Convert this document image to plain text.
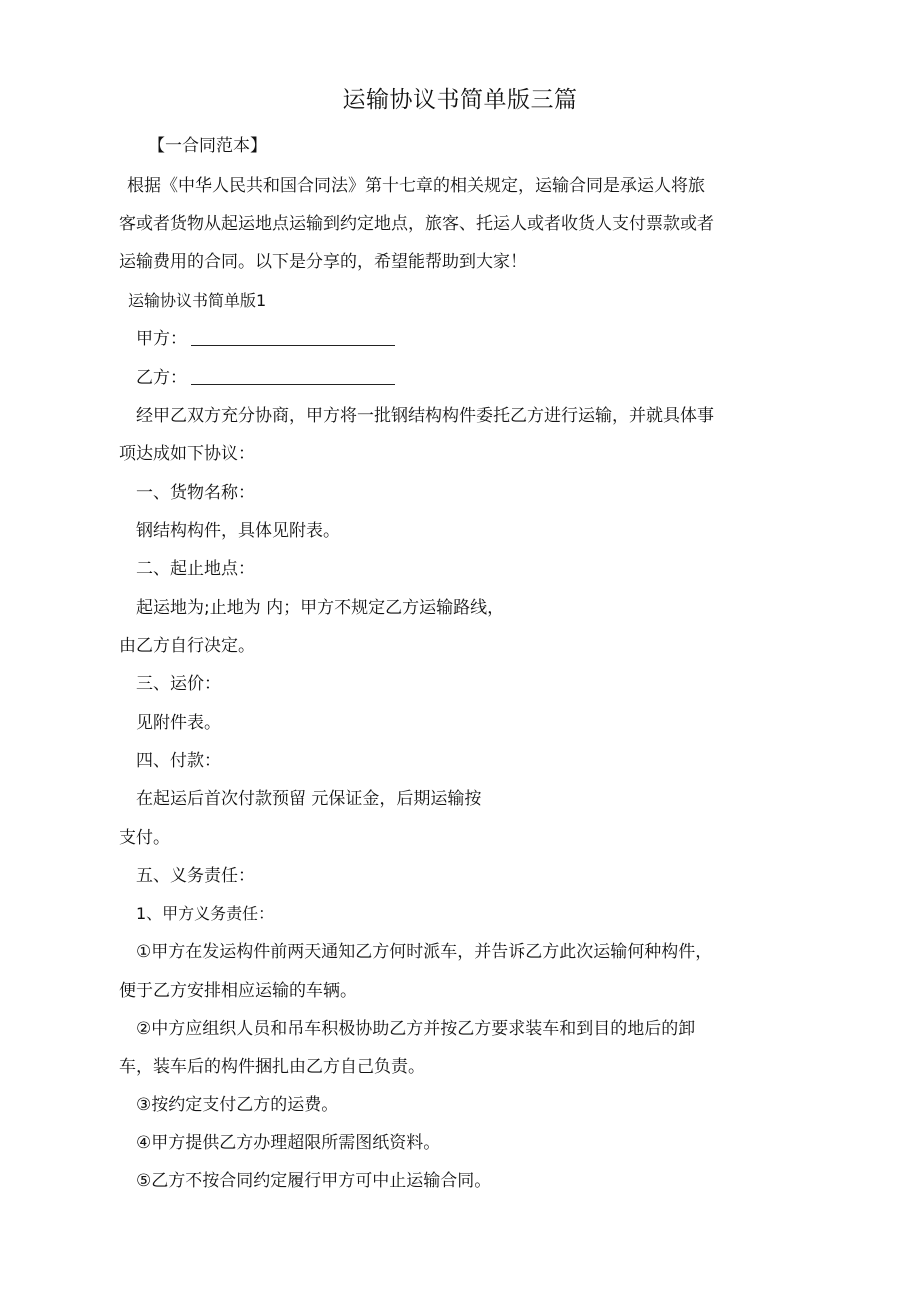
运输协议书简单版三篇
【一合同范本】
根据《中华人民共和国合同法》第十七章的相关规定，运输合同是承运人将旅
客或者货物从起运地点运输到约定地点，旅客、托运人或者收货人支付票款或者
运输费用的合同。以下是分享的，希望能帮助到大家！
运输协议书简单版1
甲方：
乙方：
经甲乙双方充分协商，甲方将一批钢结构构件委托乙方进行运输，并就具体事
项达成如下协议：
一、货物名称：
钢结构构件，具体见附表。
二、起止地点：
起运地为;止地为 内；甲方不规定乙方运输路线，
由乙方自行决定。
三、运价：
见附件表。
四、付款：
在起运后首次付款预留 元保证金，后期运输按
支付。
五、义务责任：
1、甲方义务责任：
①甲方在发运构件前两天通知乙方何时派车，并告诉乙方此次运输何种构件，
便于乙方安排相应运输的车辆。
②中方应组织人员和吊车积极协助乙方并按乙方要求装车和到目的地后的卸
车，装车后的构件捆扎由乙方自己负责。
③按约定支付乙方的运费。
④甲方提供乙方办理超限所需图纸资料。
⑤乙方不按合同约定履行甲方可中止运输合同。
